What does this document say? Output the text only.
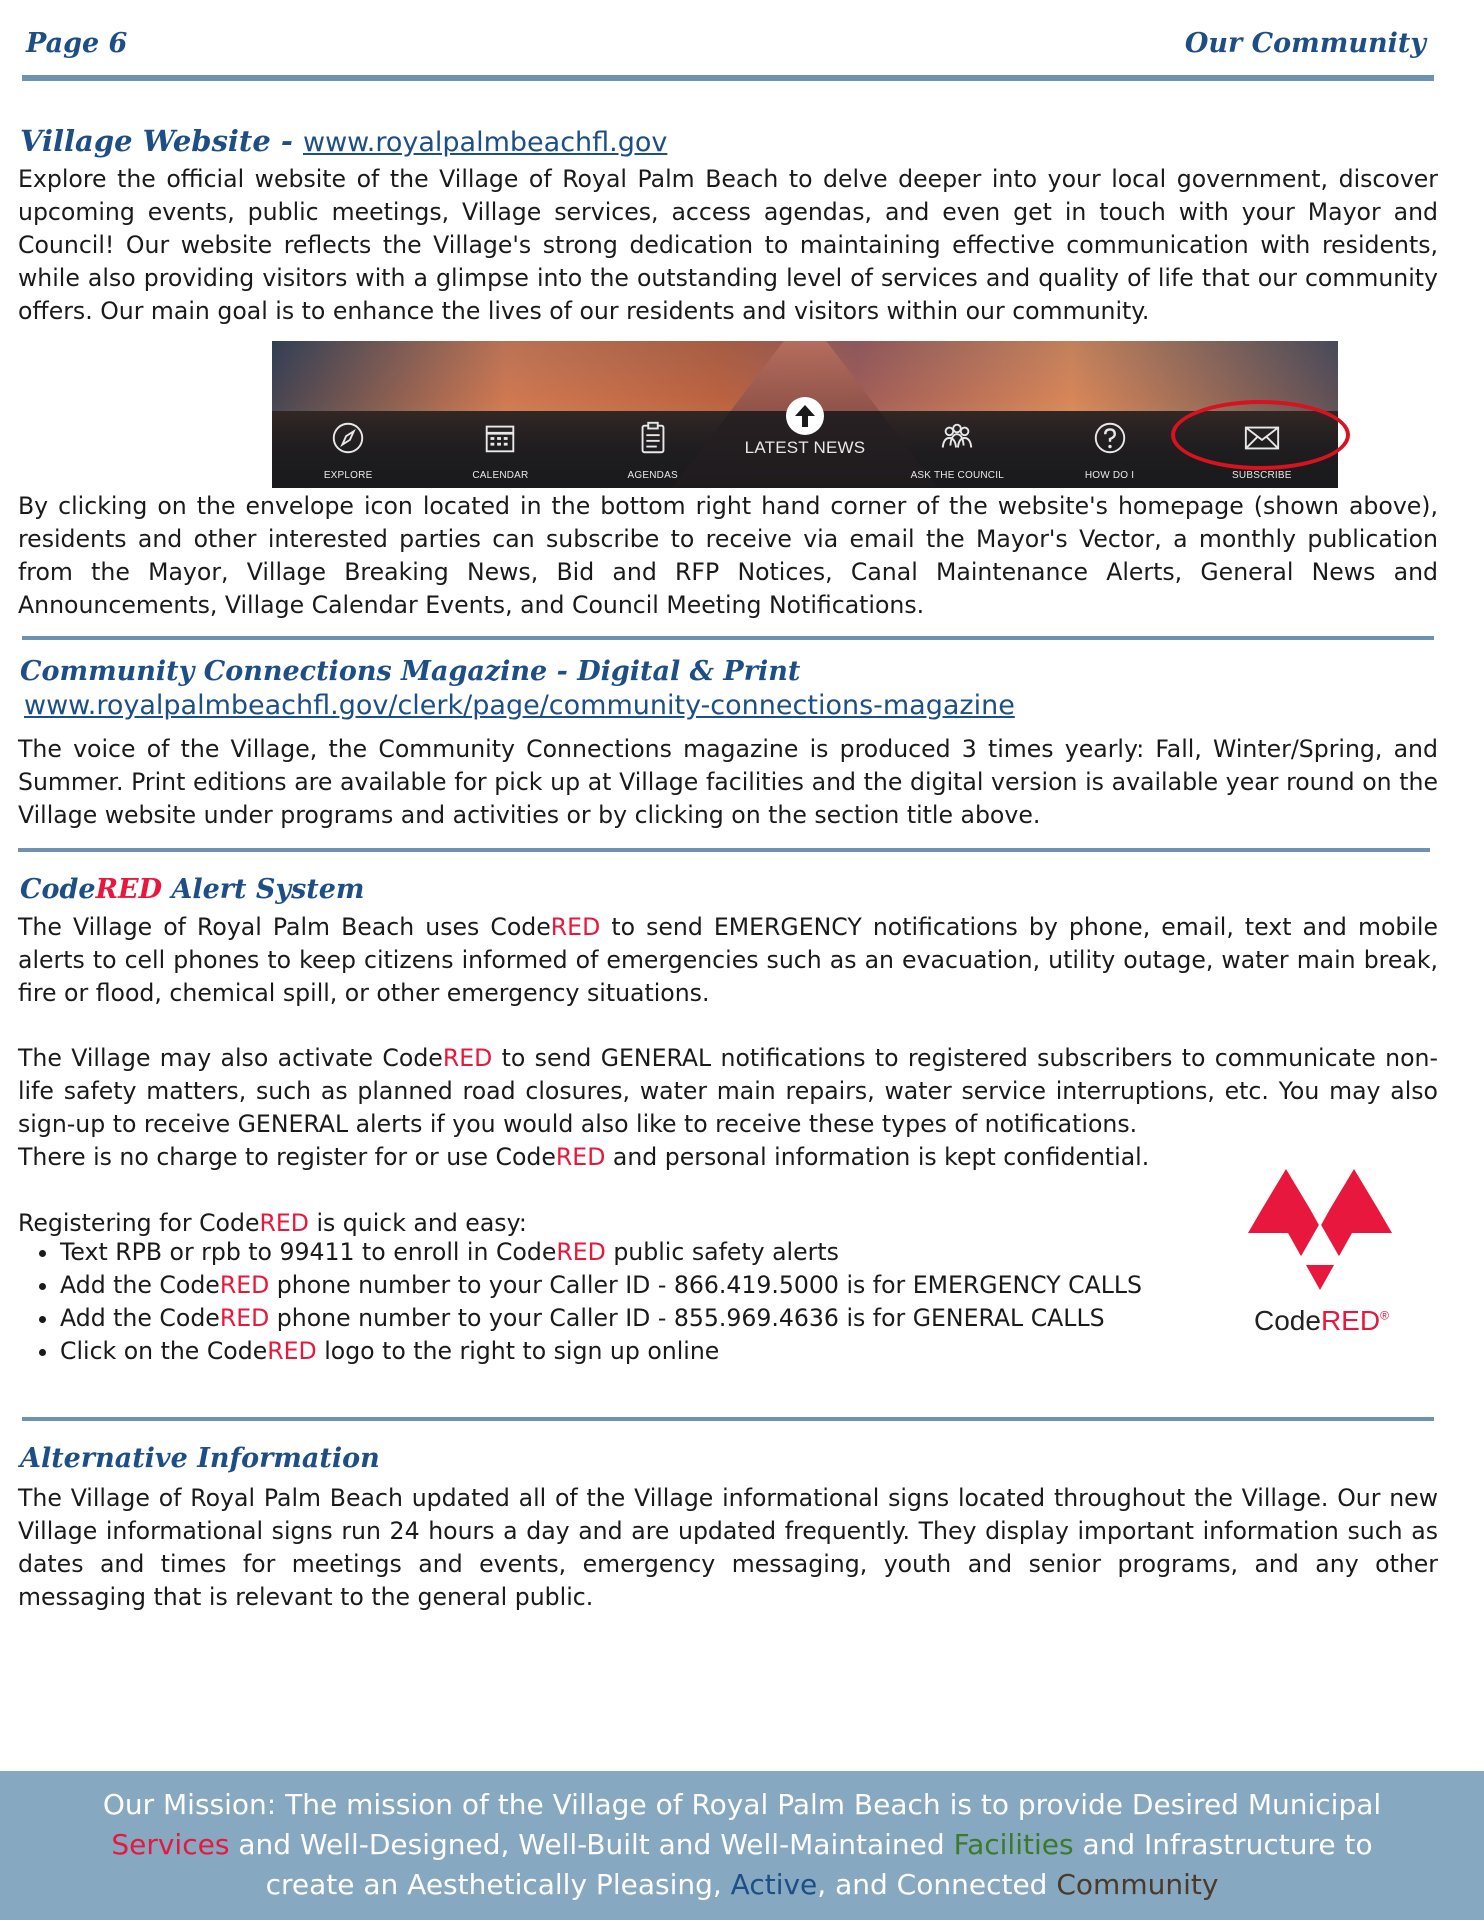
Page 6	Our Community
Village Website - www.royalpalmbeachfl.gov

Explore the official website of the Village of Royal Palm Beach to delve deeper into your local government, discover upcoming events, public meetings, Village services, access agendas, and even get in touch with your Mayor and Council! Our website reflects the Village's strong dedication to maintaining effective communication with residents, while also providing visitors with a glimpse into the outstanding level of services and quality of life that our community offers. Our main goal is to enhance the lives of our residents and visitors within our community.

EXPLORE	CALENDAR	AGENDAS
LATEST NEWS
ASK THE COUNCIL	HOW DO I	SUBSCRIBE

By clicking on the envelope icon located in the bottom right hand corner of the website's homepage (shown above), residents and other interested parties can subscribe to receive via email the Mayor's Vector, a monthly publication from the Mayor, Village Breaking News, Bid and RFP Notices, Canal Maintenance Alerts, General News and Announcements, Village Calendar Events, and Council Meeting Notifications.

Community Connections Magazine - Digital & Print
www.royalpalmbeachfl.gov/clerk/page/community-connections-magazine

The voice of the Village, the Community Connections magazine is produced 3 times yearly: Fall, Winter/Spring, and Summer. Print editions are available for pick up at Village facilities and the digital version is available year round on the Village website under programs and activities or by clicking on the section title above.

CodeRED Alert System

The Village of Royal Palm Beach uses CodeRED to send EMERGENCY notifications by phone, email, text and mobile alerts to cell phones to keep citizens informed of emergencies such as an evacuation, utility outage, water main break, fire or flood, chemical spill, or other emergency situations.

The Village may also activate CodeRED to send GENERAL notifications to registered subscribers to communicate non-life safety matters, such as planned road closures, water main repairs, water service interruptions, etc. You may also sign-up to receive GENERAL alerts if you would also like to receive these types of notifications.

There is no charge to register for or use CodeRED and personal information is kept confidential.

Registering for CodeRED is quick and easy:

• Text RPB or rpb to 99411 to enroll in CodeRED public safety alerts
• Add the CodeRED phone number to your Caller ID - 866.419.5000 is for EMERGENCY CALLS
• Add the CodeRED phone number to your Caller ID - 855.969.4636 is for GENERAL CALLS
• Click on the CodeRED logo to the right to sign up online
CodeRED®
Alternative Information

The Village of Royal Palm Beach updated all of the Village informational signs located throughout the Village. Our new Village informational signs run 24 hours a day and are updated frequently. They display important information such as dates and times for meetings and events, emergency messaging, youth and senior programs, and any other messaging that is relevant to the general public.

Our Mission: The mission of the Village of Royal Palm Beach is to provide Desired Municipal
Services and Well-Designed, Well-Built and Well-Maintained Facilities and Infrastructure to
create an Aesthetically Pleasing, Active, and Connected Community
